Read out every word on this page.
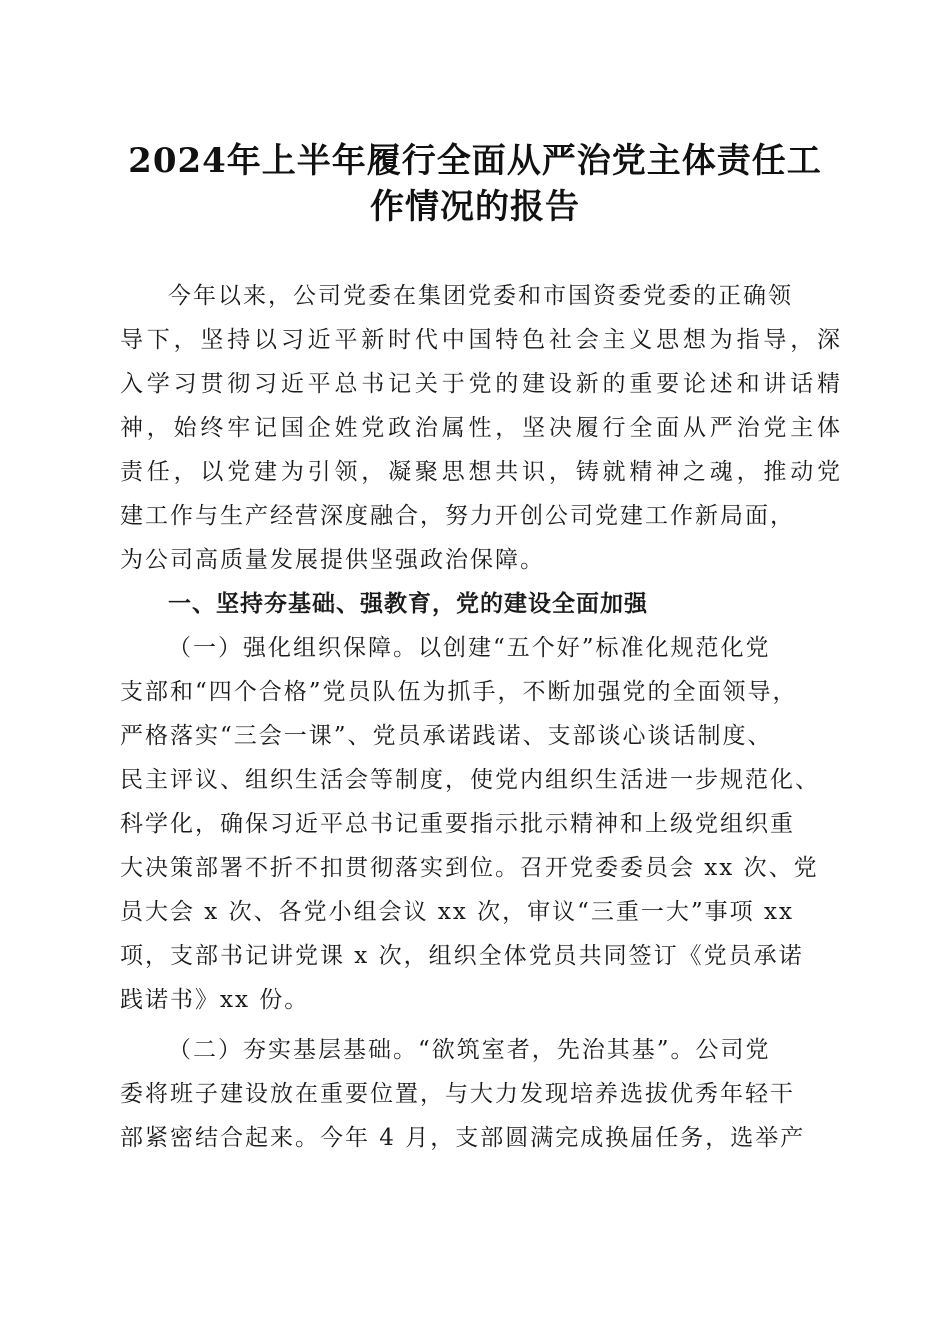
2024年上半年履行全面从严治党主体责任工
作情况的报告
今年以来，公司党委在集团党委和市国资委党委的正确领
导下，坚持以习近平新时代中国特色社会主义思想为指导，深
入学习贯彻习近平总书记关于党的建设新的重要论述和讲话精
神，始终牢记国企姓党政治属性，坚决履行全面从严治党主体
责任，以党建为引领，凝聚思想共识，铸就精神之魂，推动党
建工作与生产经营深度融合，努力开创公司党建工作新局面，
为公司高质量发展提供坚强政治保障。
一、坚持夯基础、强教育，党的建设全面加强
（一）强化组织保障。以创建“五个好”标准化规范化党
支部和“四个合格”党员队伍为抓手，不断加强党的全面领导，
严格落实“三会一课”、党员承诺践诺、支部谈心谈话制度、
民主评议、组织生活会等制度，使党内组织生活进一步规范化、
科学化，确保习近平总书记重要指示批示精神和上级党组织重
大决策部署不折不扣贯彻落实到位。召开党委委员会 xx 次、党
员大会 x 次、各党小组会议 xx 次，审议“三重一大”事项 xx
项，支部书记讲党课 x 次，组织全体党员共同签订《党员承诺
践诺书》xx 份。
（二）夯实基层基础。“欲筑室者，先治其基”。公司党
委将班子建设放在重要位置，与大力发现培养选拔优秀年轻干
部紧密结合起来。今年 4 月，支部圆满完成换届任务，选举产
